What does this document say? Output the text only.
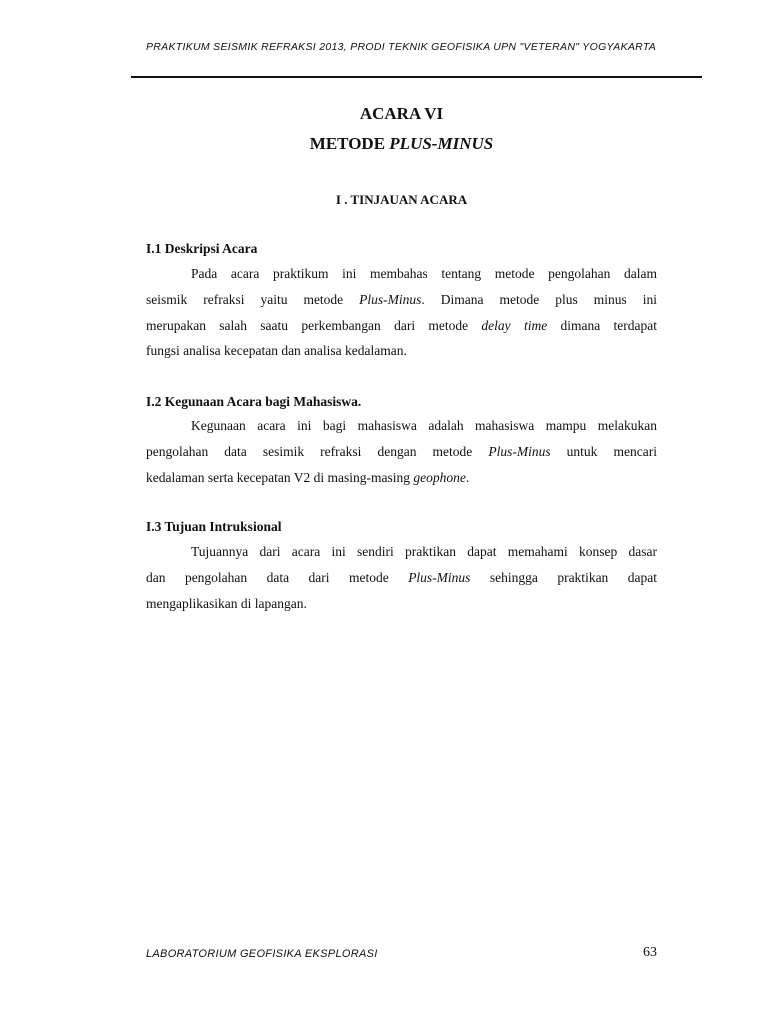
PRAKTIKUM SEISMIK REFRAKSI 2013, PRODI TEKNIK GEOFISIKA UPN "VETERAN" YOGYAKARTA
ACARA VI
METODE PLUS-MINUS
I . TINJAUAN ACARA
I.1 Deskripsi Acara
Pada acara praktikum ini membahas tentang metode pengolahan dalam
seismik refraksi yaitu metode Plus-Minus. Dimana metode plus minus ini
merupakan salah saatu perkembangan dari metode delay time dimana terdapat
fungsi analisa kecepatan dan analisa kedalaman.
I.2 Kegunaan Acara bagi Mahasiswa.
Kegunaan acara ini bagi mahasiswa adalah mahasiswa mampu melakukan
pengolahan data sesimik refraksi dengan metode Plus-Minus untuk mencari
kedalaman serta kecepatan V2 di masing-masing geophone.
I.3 Tujuan Intruksional
Tujuannya dari acara ini sendiri praktikan dapat memahami konsep dasar
dan pengolahan data dari metode Plus-Minus sehingga praktikan dapat
mengaplikasikan di lapangan.
LABORATORIUM GEOFISIKA EKSPLORASI	63
